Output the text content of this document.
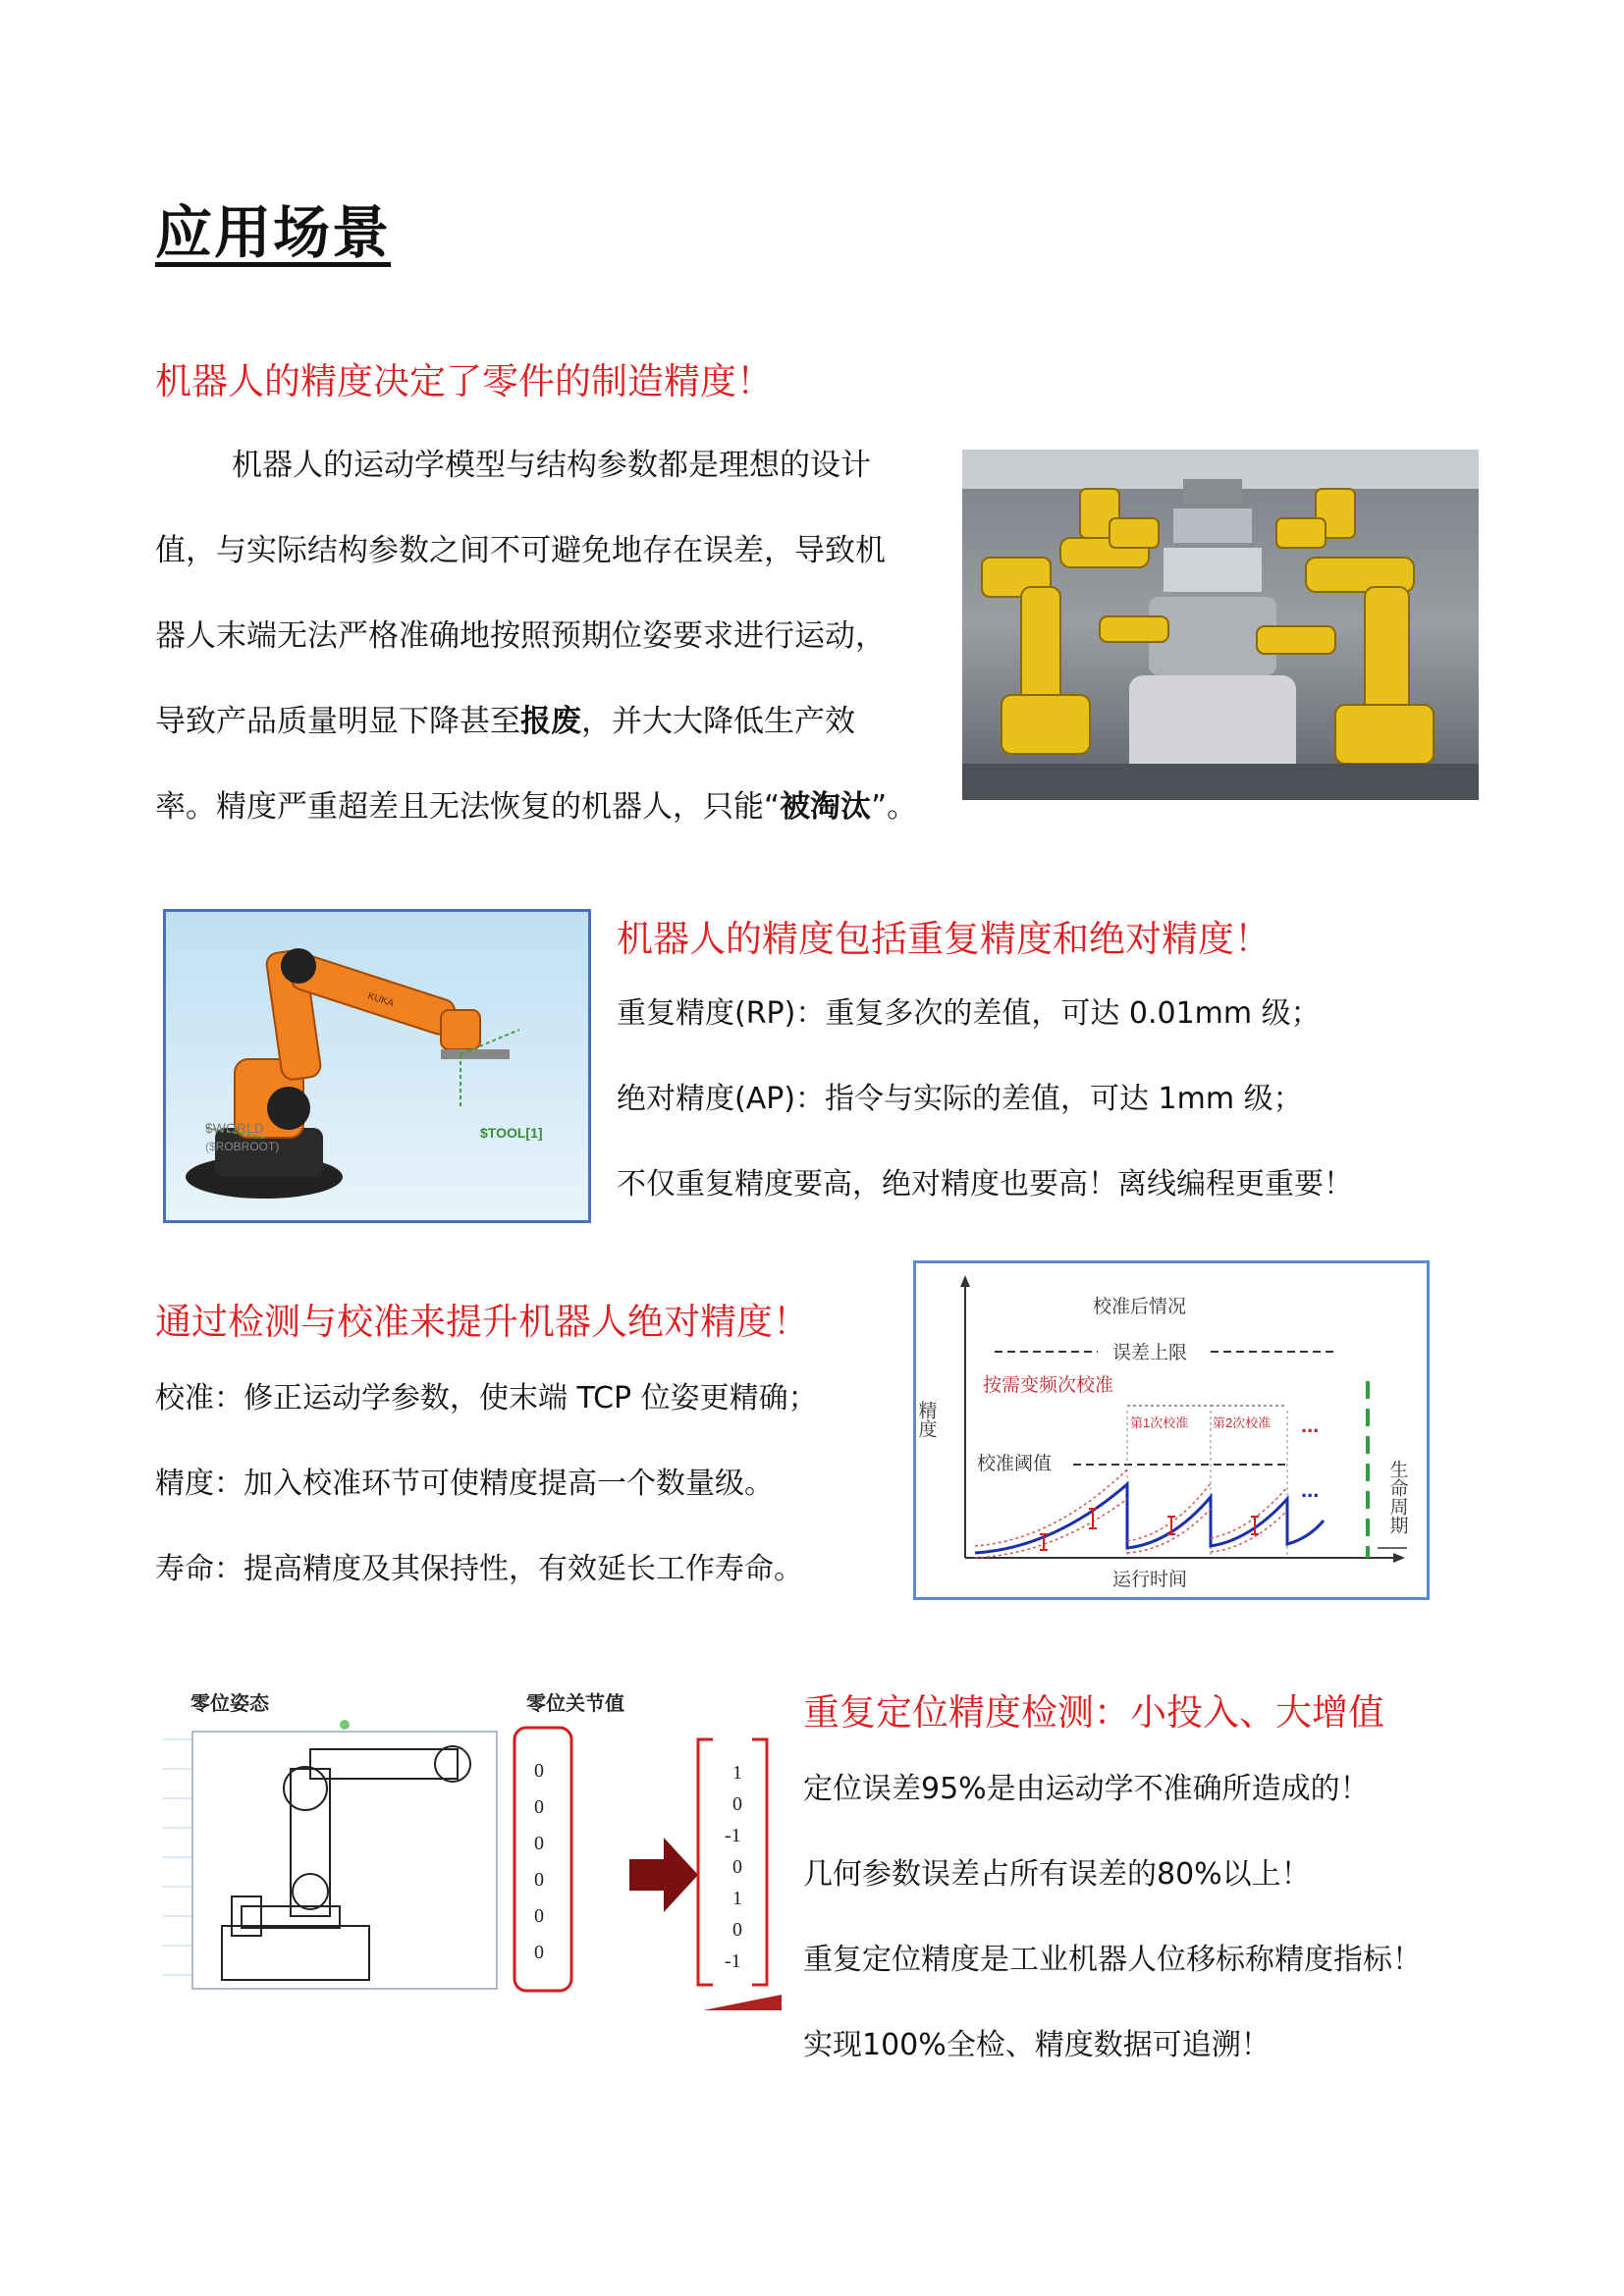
应用场景
机器人的精度决定了零件的制造精度！
机器人的运动学模型与结构参数都是理想的设计
值，与实际结构参数之间不可避免地存在误差，导致机
器人末端无法严格准确地按照预期位姿要求进行运动，
导致产品质量明显下降甚至报废，并大大降低生产效
率。精度严重超差且无法恢复的机器人，只能“被淘汰”。
$WORLD
($ROBROOT)
$TOOL[1]
KUKA
机器人的精度包括重复精度和绝对精度！
重复精度(RP)：重复多次的差值，可达 0.01mm 级；
绝对精度(AP)：指令与实际的差值，可达 1mm 级；
不仅重复精度要高，绝对精度也要高！离线编程更重要！
通过检测与校准来提升机器人绝对精度！
校准：修正运动学参数，使末端 TCP 位姿更精确；
精度：加入校准环节可使精度提高一个数量级。
寿命：提高精度及其保持性，有效延长工作寿命。
校准后情况
精度
运行时间
误差上限
按需变频次校准
第1次校准 第2次校准 ...
校准阈值	生命周期
...
零位姿态	零位关节值
0
0
0
0
0
0
1
0
-1
0
1
0
-1
重复定位精度检测：小投入、大增值
定位误差95%是由运动学不准确所造成的！
几何参数误差占所有误差的80%以上！
重复定位精度是工业机器人位移标称精度指标！
实现100%全检、精度数据可追溯！
